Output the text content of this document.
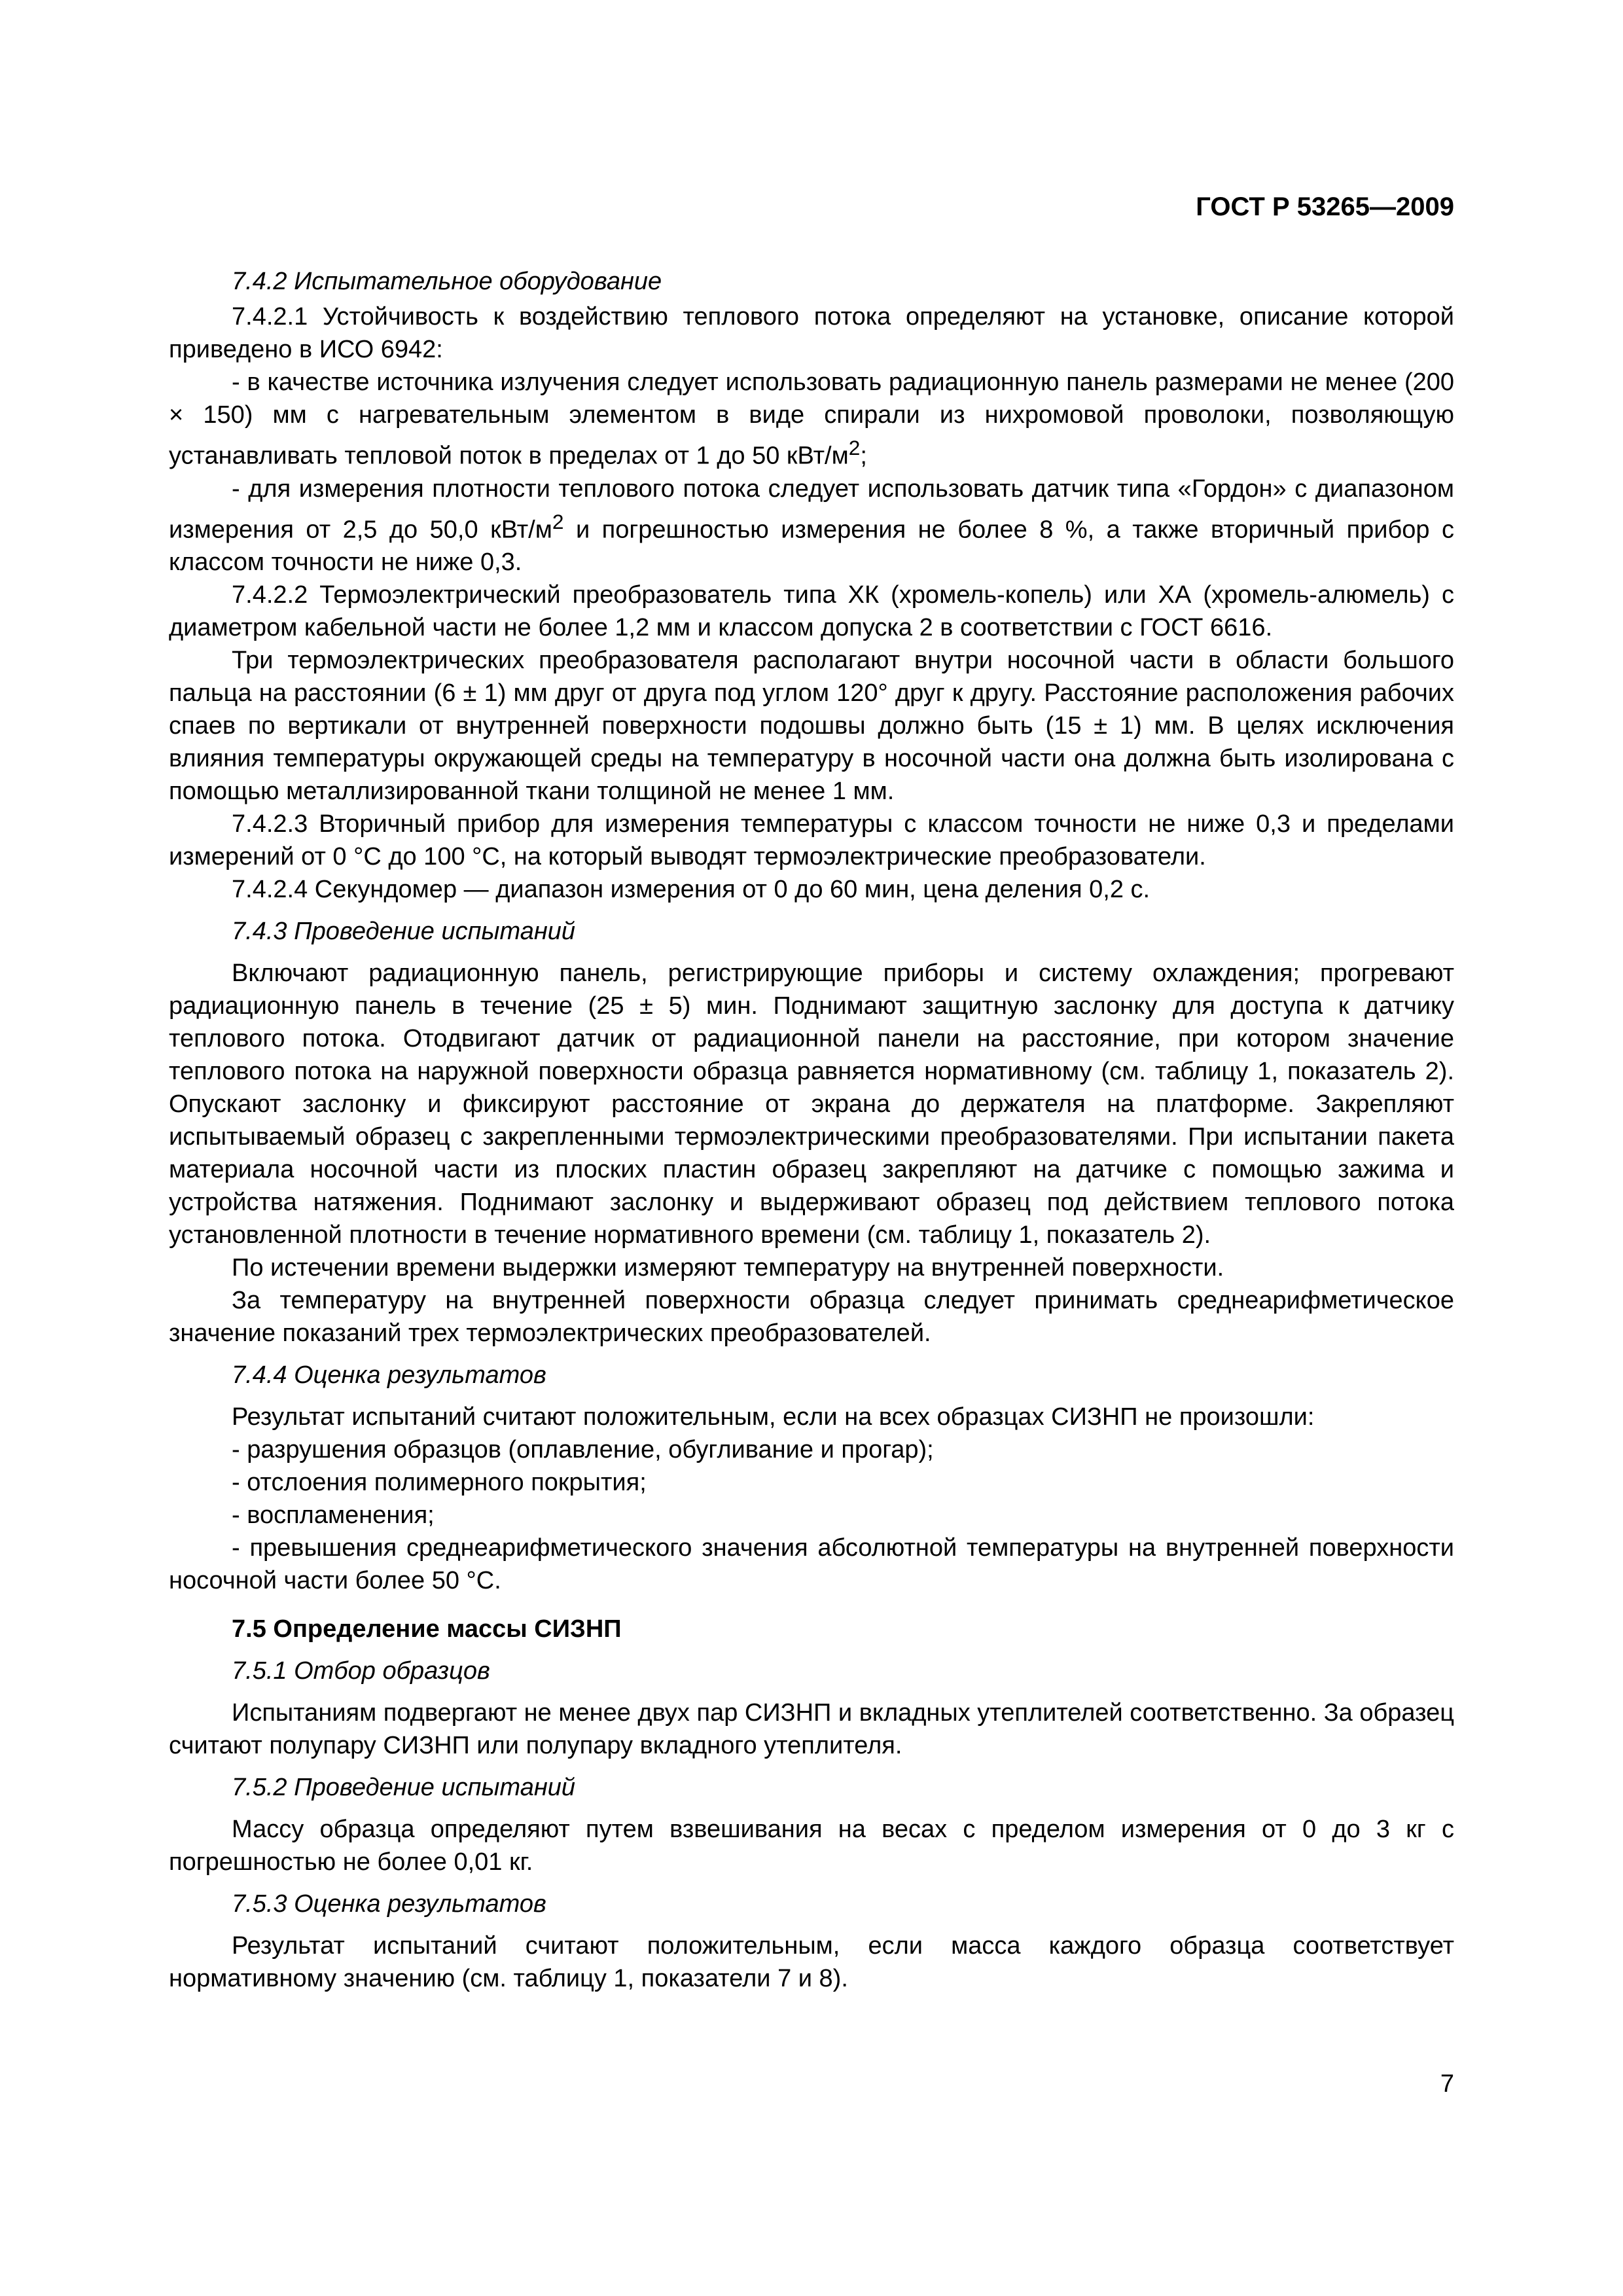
ГОСТ Р 53265—2009

7.4.2 Испытательное оборудование

7.4.2.1 Устойчивость к воздействию теплового потока определяют на установке, описание которой приведено в ИСО 6942:

- в качестве источника излучения следует использовать радиационную панель размерами не менее (200 × 150) мм с нагревательным элементом в виде спирали из нихромовой проволоки, позволяющую устанавливать тепловой поток в пределах от 1 до 50 кВт/$м^2$;

- для измерения плотности теплового потока следует использовать датчик типа «Гордон» с диапазоном измерения от 2,5 до 50,0 кВт/$м^2$ и погрешностью измерения не более 8 %, а также вторичный прибор с классом точности не ниже 0,3.

7.4.2.2 Термоэлектрический преобразователь типа ХК (хромель-копель) или ХА (хромель-алюмель) с диаметром кабельной части не более 1,2 мм и классом допуска 2 в соответствии с ГОСТ 6616.

Три термоэлектрических преобразователя располагают внутри носочной части в области большого пальца на расстоянии (6 ± 1) мм друг от друга под углом 120° друг к другу. Расстояние расположения рабочих спаев по вертикали от внутренней поверхности подошвы должно быть (15 ± 1) мм. В целях исключения влияния температуры окружающей среды на температуру в носочной части она должна быть изолирована с помощью металлизированной ткани толщиной не менее 1 мм.

7.4.2.3 Вторичный прибор для измерения температуры с классом точности не ниже 0,3 и пределами измерений от 0 °С до 100 °С, на который выводят термоэлектрические преобразователи.

7.4.2.4 Секундомер — диапазон измерения от 0 до 60 мин, цена деления 0,2 с.

7.4.3 Проведение испытаний

Включают радиационную панель, регистрирующие приборы и систему охлаждения; прогревают радиационную панель в течение (25 ± 5) мин. Поднимают защитную заслонку для доступа к датчику теплового потока. Отодвигают датчик от радиационной панели на расстояние, при котором значение теплового потока на наружной поверхности образца равняется нормативному (см. таблицу 1, показатель 2). Опускают заслонку и фиксируют расстояние от экрана до держателя на платформе. Закрепляют испытываемый образец с закрепленными термоэлектрическими преобразователями. При испытании пакета материала носочной части из плоских пластин образец закрепляют на датчике с помощью зажима и устройства натяжения. Поднимают заслонку и выдерживают образец под действием теплового потока установленной плотности в течение нормативного времени (см. таблицу 1, показатель 2).

По истечении времени выдержки измеряют температуру на внутренней поверхности.

За температуру на внутренней поверхности образца следует принимать среднеарифметическое значение показаний трех термоэлектрических преобразователей.

7.4.4 Оценка результатов

Результат испытаний считают положительным, если на всех образцах СИЗНП не произошли:

- разрушения образцов (оплавление, обугливание и прогар);

- отслоения полимерного покрытия;

- воспламенения;

- превышения среднеарифметического значения абсолютной температуры на внутренней поверхности носочной части более 50 °С.

7.5 Определение массы СИЗНП

7.5.1 Отбор образцов

Испытаниям подвергают не менее двух пар СИЗНП и вкладных утеплителей соответственно. За образец считают полупару СИЗНП или полупару вкладного утеплителя.

7.5.2 Проведение испытаний

Массу образца определяют путем взвешивания на весах с пределом измерения от 0 до 3 кг с погрешностью не более 0,01 кг.

7.5.3 Оценка результатов

Результат испытаний считают положительным, если масса каждого образца соответствует нормативному значению (см. таблицу 1, показатели 7 и 8).

7
